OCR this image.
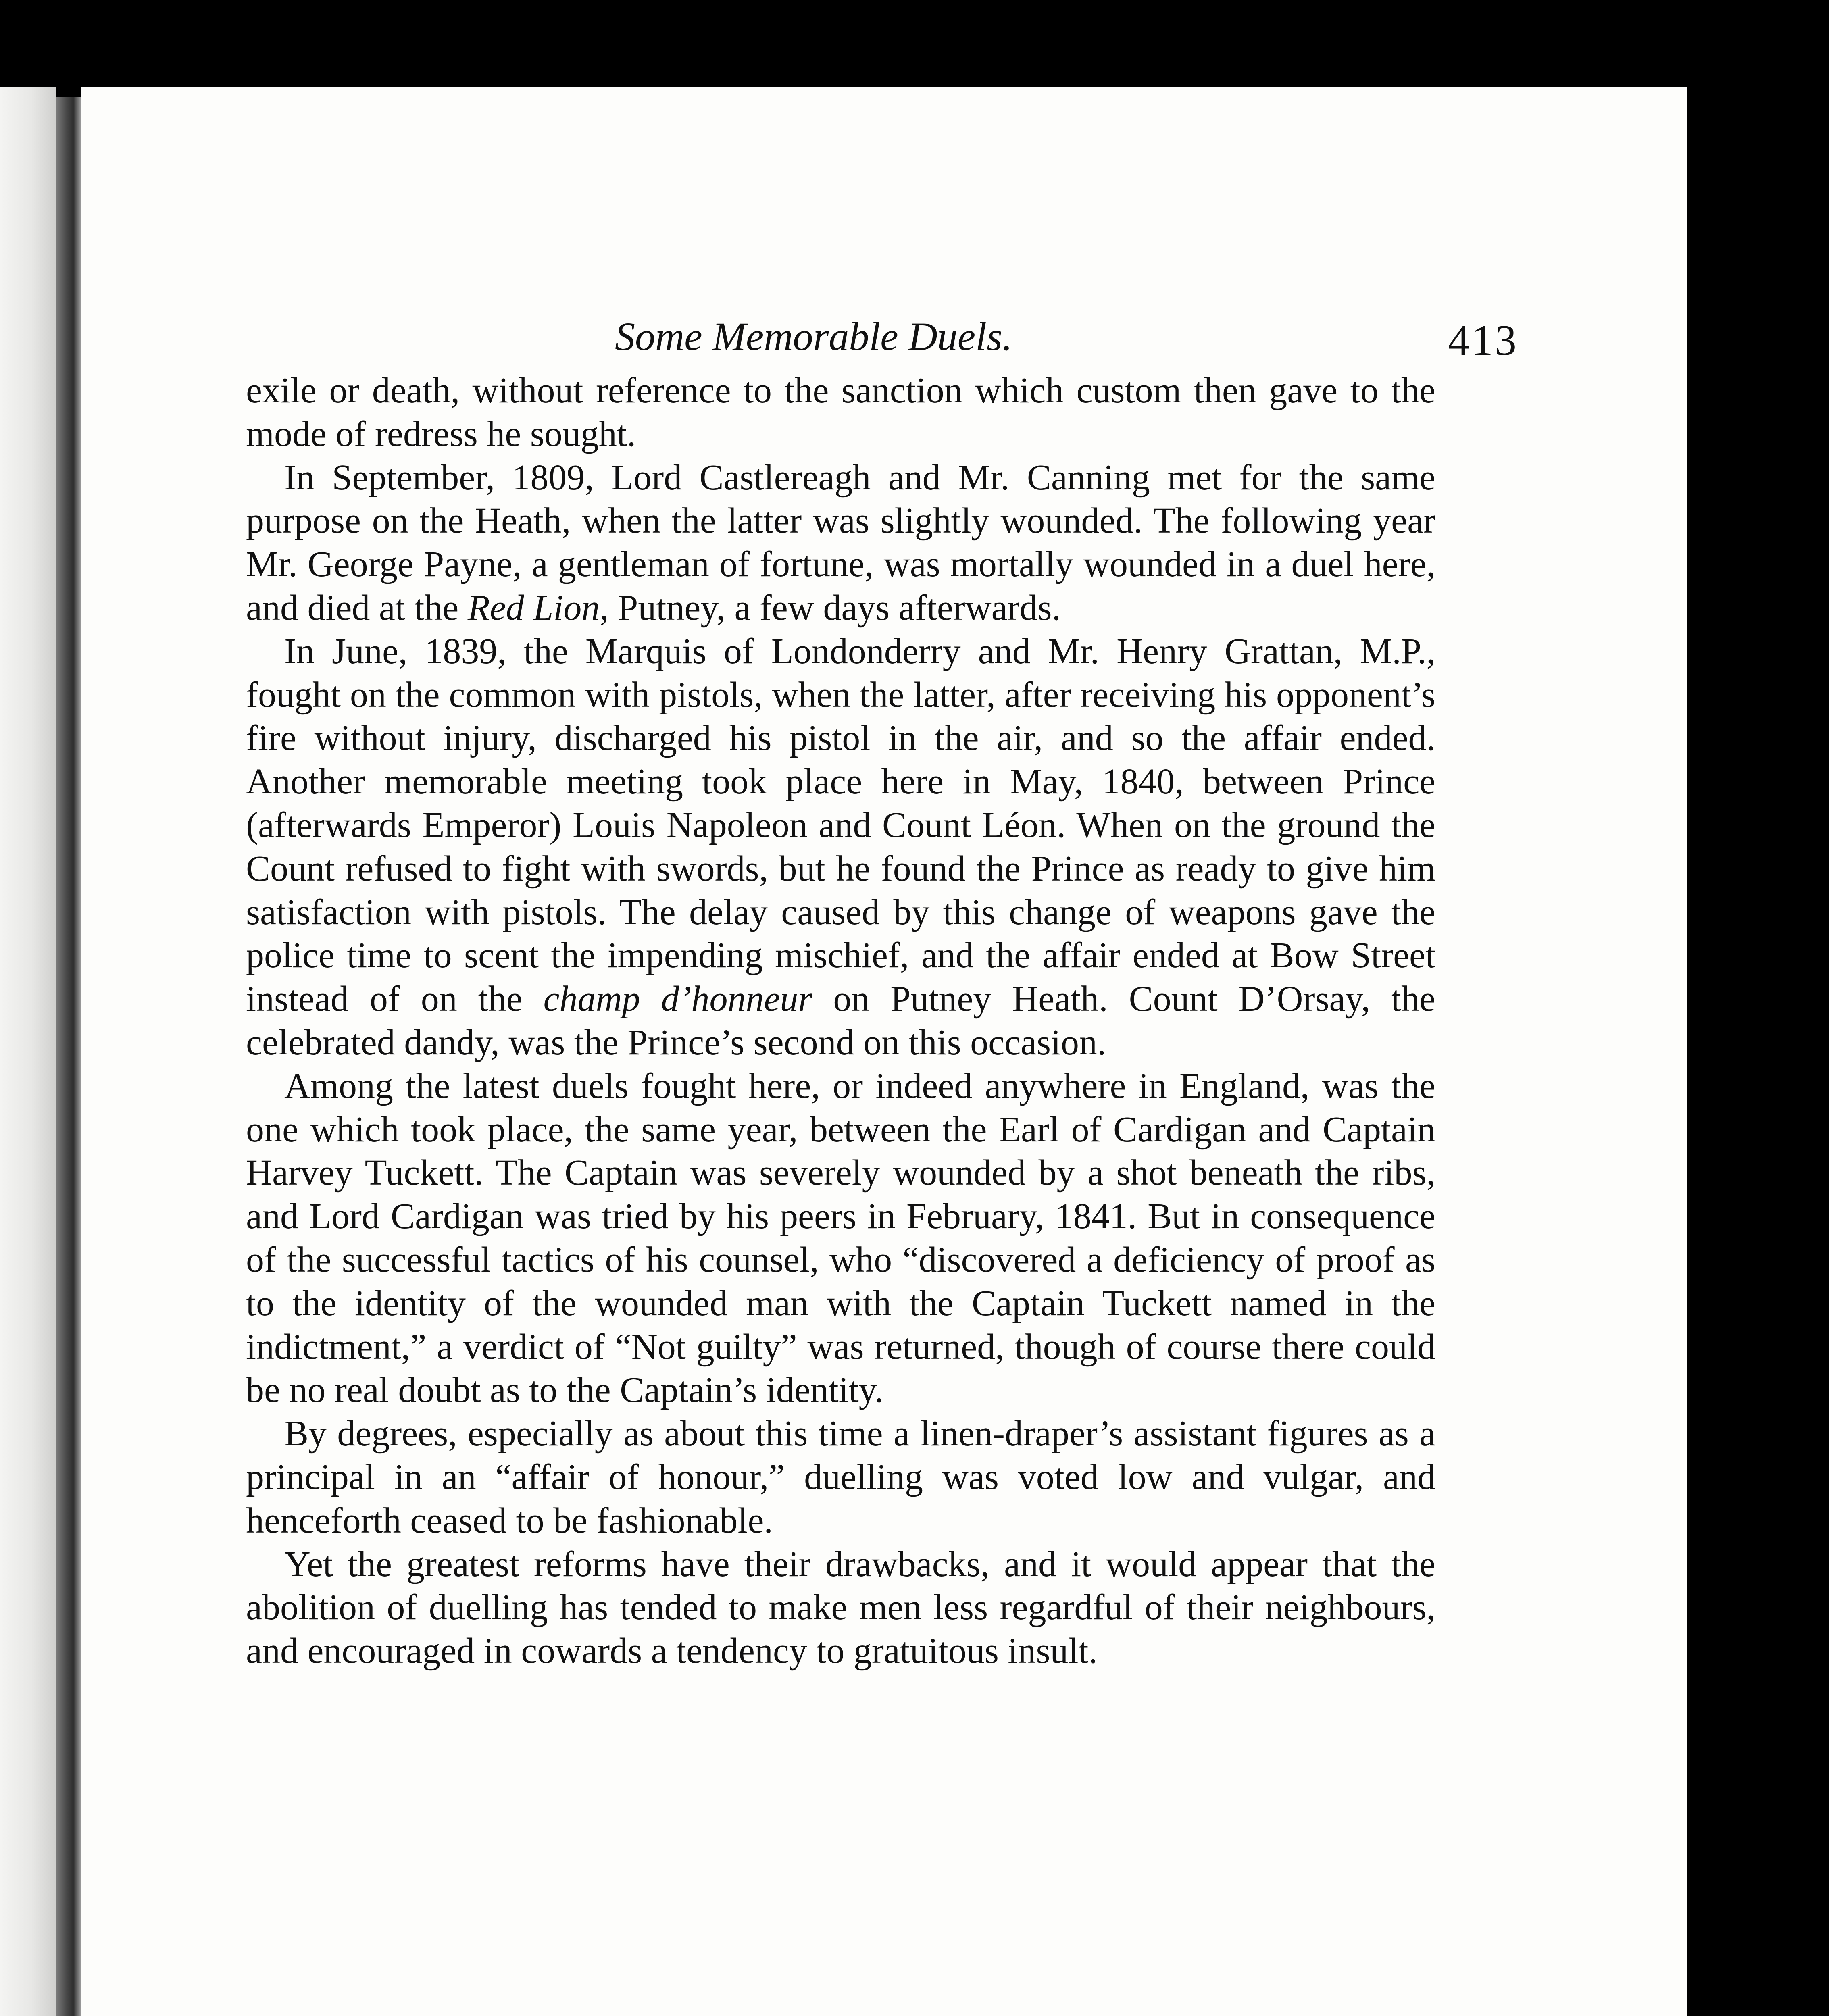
Some Memorable Duels.	413

exile or death, without reference to the sanction which custom then gave to the mode of redress he sought.

In September, 1809, Lord Castlereagh and Mr. Canning met for the same purpose on the Heath, when the latter was slightly wounded. The following year Mr. George Payne, a gentleman of fortune, was mortally wounded in a duel here, and died at the Red Lion, Putney, a few days afterwards.

In June, 1839, the Marquis of Londonderry and Mr. Henry Grattan, M.P., fought on the common with pistols, when the latter, after receiving his opponent’s fire without injury, discharged his pistol in the air, and so the affair ended. Another memorable meeting took place here in May, 1840, between Prince (afterwards Emperor) Louis Napoleon and Count Léon. When on the ground the Count refused to fight with swords, but he found the Prince as ready to give him satisfaction with pistols. The delay caused by this change of weapons gave the police time to scent the impending mischief, and the affair ended at Bow Street instead of on the champ d’honneur on Putney Heath. Count D’Orsay, the celebrated dandy, was the Prince’s second on this occasion.

Among the latest duels fought here, or indeed anywhere in England, was the one which took place, the same year, between the Earl of Cardigan and Captain Harvey Tuckett. The Captain was severely wounded by a shot beneath the ribs, and Lord Cardigan was tried by his peers in February, 1841. But in consequence of the successful tactics of his counsel, who “discovered a deficiency of proof as to the identity of the wounded man with the Captain Tuckett named in the indictment,” a verdict of “Not guilty” was returned, though of course there could be no real doubt as to the Captain’s identity.

By degrees, especially as about this time a linen-draper’s assistant figures as a principal in an “affair of honour,” duelling was voted low and vulgar, and henceforth ceased to be fashionable.

Yet the greatest reforms have their drawbacks, and it would appear that the abolition of duelling has tended to make men less regardful of their neighbours, and encouraged in cowards a tendency to gratuitous insult.
